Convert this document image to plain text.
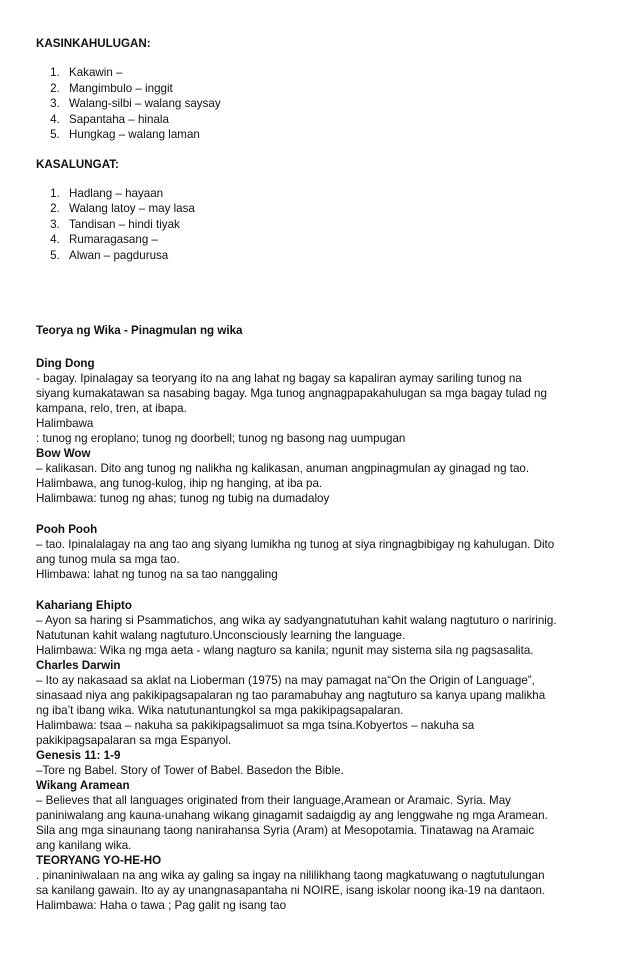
KASINKAHULUGAN:

1. Kakawin –
2. Mangimbulo – inggit
3. Walang-silbi – walang saysay
4. Sapantaha – hinala
5. Hungkag – walang laman

KASALUNGAT:

1. Hadlang – hayaan
2. Walang latoy – may lasa
3. Tandisan – hindi tiyak
4. Rumaragasang –
5. Alwan – pagdurusa

Teorya ng Wika - Pinagmulan ng wika

Ding Dong

- bagay. Ipinalagay sa teoryang ito na ang lahat ng bagay sa kapaliran aymay sariling tunog na

siyang kumakatawan sa nasabing bagay. Mga tunog angnagpapakahulugan sa mga bagay tulad ng

kampana, relo, tren, at ibapa.

Halimbawa

: tunog ng eroplano; tunog ng doorbell; tunog ng basong nag uumpugan

Bow Wow

– kalikasan. Dito ang tunog ng nalikha ng kalikasan, anuman angpinagmulan ay ginagad ng tao.

Halimbawa, ang tunog-kulog, ihip ng hanging, at iba pa.

Halimbawa: tunog ng ahas; tunog ng tubig na dumadaloy

Pooh Pooh

– tao. Ipinalalagay na ang tao ang siyang lumikha ng tunog at siya ringnagbibigay ng kahulugan. Dito

ang tunog mula sa mga tao.

Hlimbawa: lahat ng tunog na sa tao nanggaling

Kahariang Ehipto

– Ayon sa haring si Psammatichos, ang wika ay sadyangnatutuhan kahit walang nagtuturo o naririnig.

Natutunan kahit walang nagtuturo.Unconsciously learning the language.

Halimbawa: Wika ng mga aeta - wlang nagturo sa kanila; ngunit may sistema sila ng pagsasalita.

Charles Darwin

– Ito ay nakasaad sa aklat na Lioberman (1975) na may pamagat na“On the Origin of Language”,

sinasaad niya ang pakikipagsapalaran ng tao paramabuhay ang nagtuturo sa kanya upang malikha

ng iba’t ibang wika. Wika natutunantungkol sa mga pakikipagsapalaran.

Halimbawa: tsaa – nakuha sa pakikipagsalimuot sa mga tsina.Kobyertos – nakuha sa

pakikipagsapalaran sa mga Espanyol.

Genesis 11: 1-9

–Tore ng Babel. Story of Tower of Babel. Basedon the Bible.

Wikang Aramean

– Believes that all languages originated from their language,Aramean or Aramaic. Syria. May

paniniwalang ang kauna-unahang wikang ginagamit sadaigdig ay ang lenggwahe ng mga Aramean.

Sila ang mga sinaunang taong nanirahansa Syria (Aram) at Mesopotamia. Tinatawag na Aramaic

ang kanilang wika.

TEORYANG YO-HE-HO

. pinaniniwalaan na ang wika ay galing sa ingay na nililikhang taong magkatuwang o nagtutulungan

sa kanilang gawain. Ito ay ay unangnasapantaha ni NOIRE, isang iskolar noong ika-19 na dantaon.

Halimbawa: Haha o tawa ; Pag galit ng isang tao
